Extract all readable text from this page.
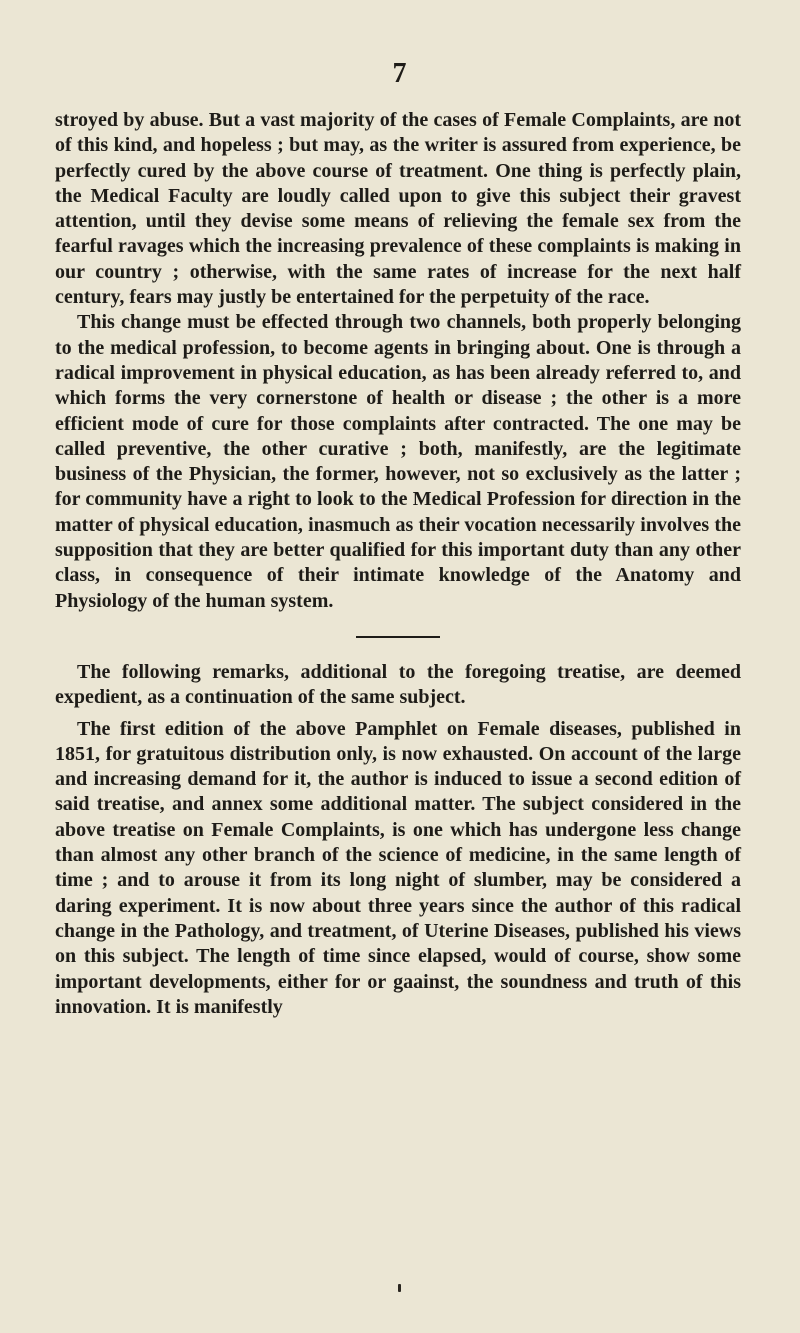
7

stroyed by abuse. But a vast majority of the cases of Female Complaints, are not of this kind, and hopeless ; but may, as the writer is assured from experience, be perfectly cured by the above course of treatment. One thing is perfectly plain, the Medical Faculty are loudly called upon to give this subject their gravest attention, until they devise some means of relieving the female sex from the fearful ravages which the increasing prevalence of these complaints is making in our country ; otherwise, with the same rates of increase for the next half century, fears may justly be entertained for the perpetuity of the race.

This change must be effected through two channels, both properly belonging to the medical profession, to become agents in bringing about. One is through a radical improvement in physical education, as has been already referred to, and which forms the very cornerstone of health or disease ; the other is a more efficient mode of cure for those complaints after contracted. The one may be called preventive, the other curative ; both, manifestly, are the legitimate business of the Physician, the former, however, not so exclusively as the latter ; for community have a right to look to the Medical Profession for direction in the matter of physical education, inasmuch as their vocation necessarily involves the supposition that they are better qualified for this important duty than any other class, in consequence of their intimate knowledge of the Anatomy and Physiology of the human system.

The following remarks, additional to the foregoing treatise, are deemed expedient, as a continuation of the same subject.

The first edition of the above Pamphlet on Female diseases, published in 1851, for gratuitous distribution only, is now exhausted. On account of the large and increasing demand for it, the author is induced to issue a second edition of said treatise, and annex some additional matter. The subject considered in the above treatise on Female Complaints, is one which has undergone less change than almost any other branch of the science of medicine, in the same length of time ; and to arouse it from its long night of slumber, may be considered a daring experiment. It is now about three years since the author of this radical change in the Pathology, and treatment, of Uterine Diseases, published his views on this subject. The length of time since elapsed, would of course, show some important developments, either for or gaainst, the soundness and truth of this innovation. It is manifestly
